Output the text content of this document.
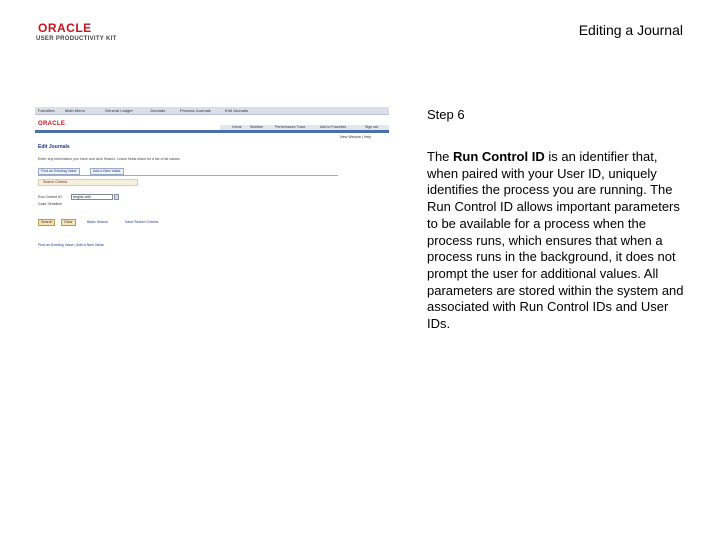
ORACLE
USER PRODUCTIVITY KIT
Editing a Journal
Favorites	Main Menu	General Ledger	Journals	Process Journals	Edit Journals
ORACLE	Home Worklist	Performance Trace	Add to Favorites	Sign out
New Window | Help
Edit Journals
Enter any information you have and click Search. Leave fields blank for a list of all values.
Find an Existing Value	Add a New Value
Search Criteria
Run Control ID:	begins with
Case Sensitive
Search	Clear	Basic Search	Save Search Criteria
Find an Existing Value | Add a New Value
Step 6
The Run Control ID is an identifier that, when paired with your User ID, uniquely identifies the process you are running. The Run Control ID allows important parameters to be available for a process when the process runs, which ensures that when a process runs in the background, it does not prompt the user for additional values. All parameters are stored within the system and associated with Run Control IDs and User IDs.
